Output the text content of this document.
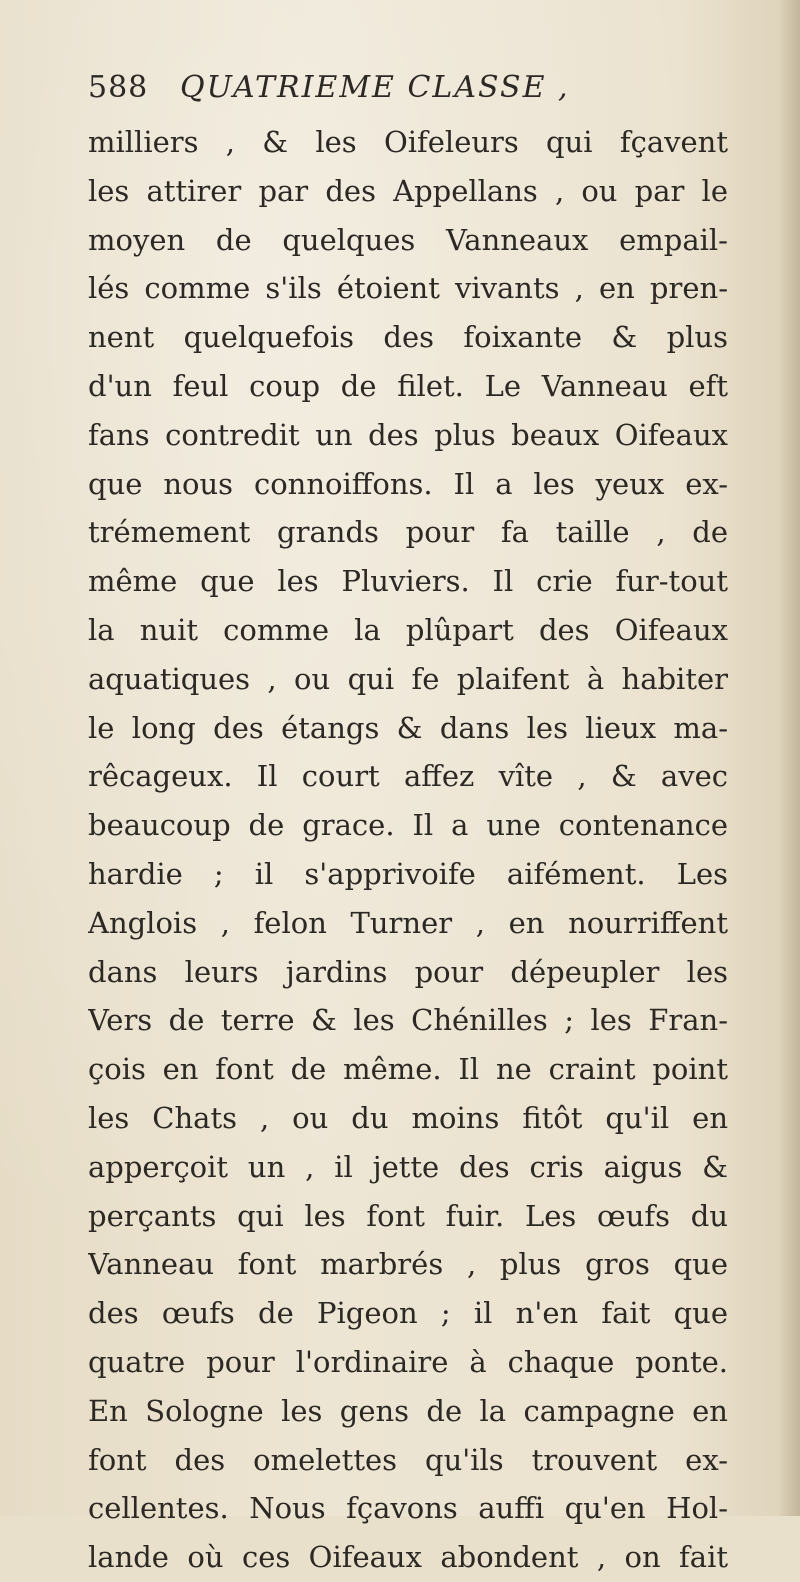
588 QUATRIEME CLASSE ,
milliers , & les Oifeleurs qui fçavent
les attirer par des Appellans , ou par le
moyen de quelques Vanneaux empail-
lés comme s'ils étoient vivants , en pren-
nent quelquefois des foixante & plus
d'un feul coup de filet. Le Vanneau eft
fans contredit un des plus beaux Oifeaux
que nous connoiffons. Il a les yeux ex-
trémement grands pour fa taille , de
même que les Pluviers. Il crie fur-tout
la nuit comme la plûpart des Oifeaux
aquatiques , ou qui fe plaifent à habiter
le long des étangs & dans les lieux ma-
rêcageux. Il court affez vîte , & avec
beaucoup de grace. Il a une contenance
hardie ; il s'apprivoife aifément. Les
Anglois , felon Turner , en nourriffent
dans leurs jardins pour dépeupler les
Vers de terre & les Chénilles ; les Fran-
çois en font de même. Il ne craint point
les Chats , ou du moins fitôt qu'il en
apperçoit un , il jette des cris aigus &
perçants qui les font fuir. Les œufs du
Vanneau font marbrés , plus gros que
des œufs de Pigeon ; il n'en fait que
quatre pour l'ordinaire à chaque ponte.
En Sologne les gens de la campagne en
font des omelettes qu'ils trouvent ex-
cellentes. Nous fçavons auffi qu'en Hol-
lande où ces Oifeaux abondent , on fait
